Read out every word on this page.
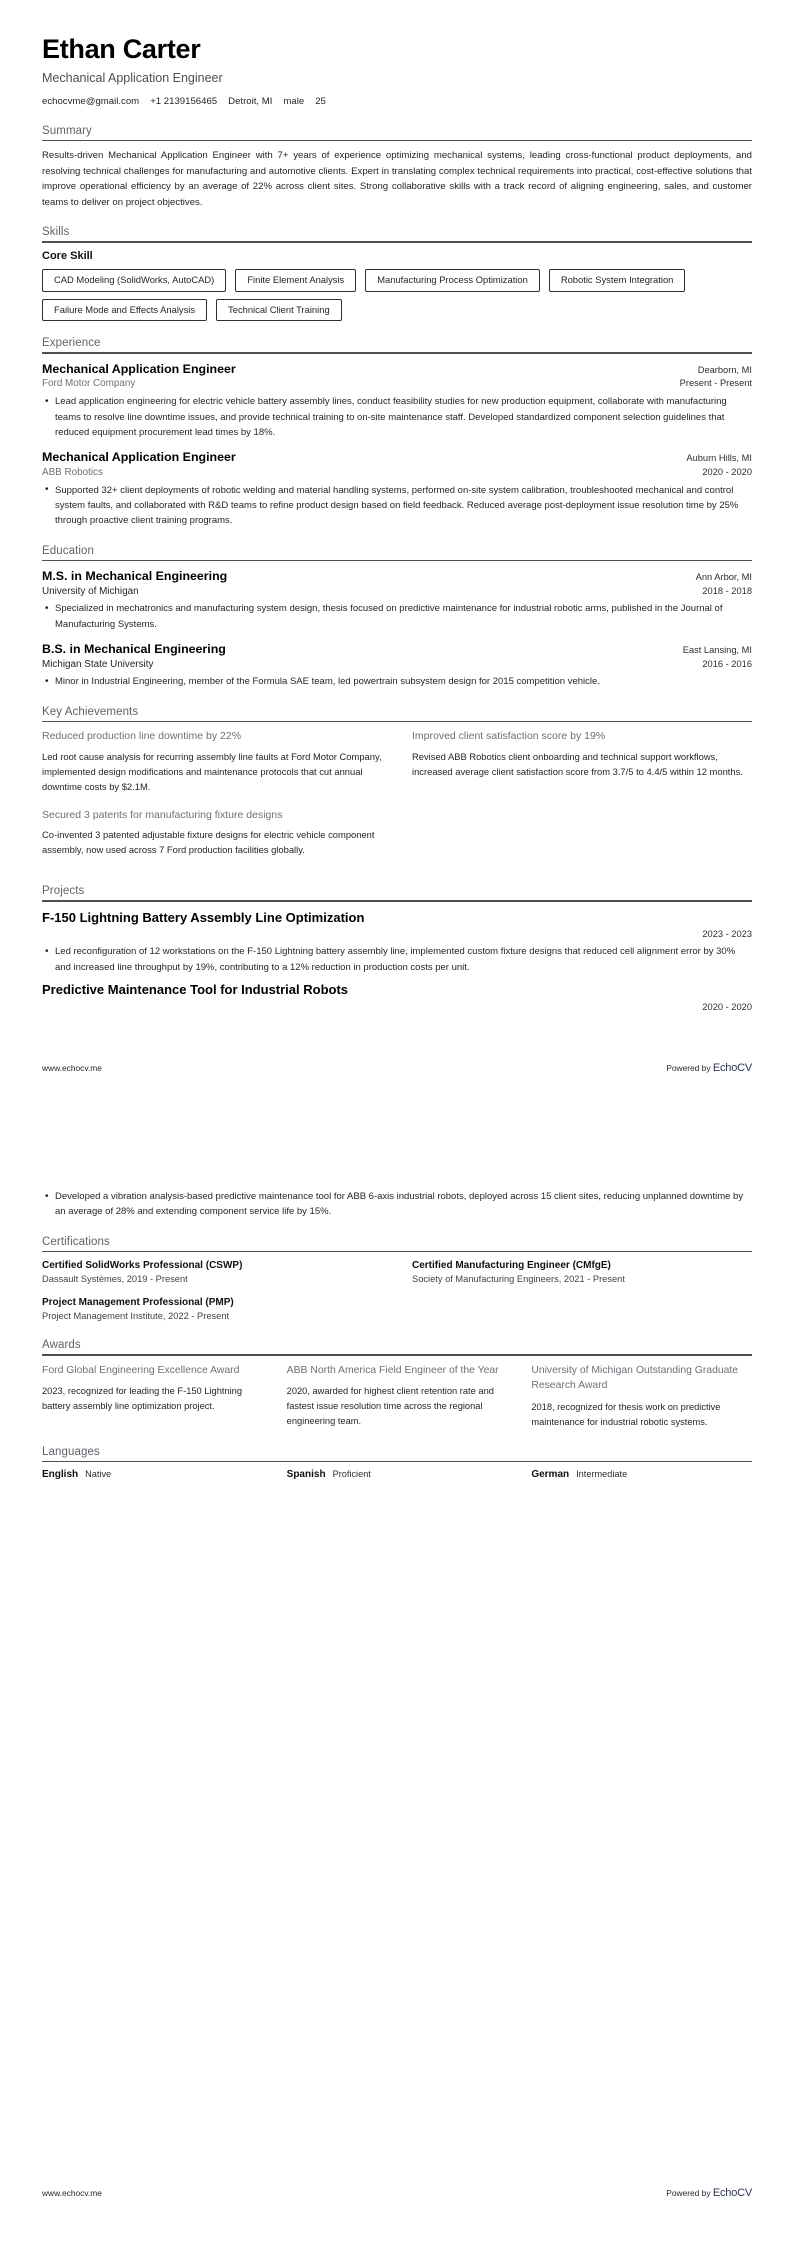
Ethan Carter
Mechanical Application Engineer
echocvme@gmail.com +1 2139156465 Detroit, MI male 25
Summary

Results-driven Mechanical Application Engineer with 7+ years of experience optimizing mechanical systems, leading cross-functional product deployments, and resolving technical challenges for manufacturing and automotive clients. Expert in translating complex technical requirements into practical, cost-effective solutions that improve operational efficiency by an average of 22% across client sites. Strong collaborative skills with a track record of aligning engineering, sales, and customer teams to deliver on project objectives.

Skills
Core Skill
CAD Modeling (SolidWorks, AutoCAD)	Finite Element Analysis	Manufacturing Process Optimization	Robotic System Integration
Failure Mode and Effects Analysis	Technical Client Training
Experience
Mechanical Application Engineer	Dearborn, MI
Ford Motor Company	Present - Present
• Lead application engineering for electric vehicle battery assembly lines, conduct feasibility studies for new production equipment, collaborate with manufacturing teams to resolve line downtime issues, and provide technical training to on-site maintenance staff. Developed standardized component selection guidelines that reduced equipment procurement lead times by 18%.
Mechanical Application Engineer	Auburn Hills, MI
ABB Robotics	2020 - 2020
• Supported 32+ client deployments of robotic welding and material handling systems, performed on-site system calibration, troubleshooted mechanical and control system faults, and collaborated with R&D teams to refine product design based on field feedback. Reduced average post-deployment issue resolution time by 25% through proactive client training programs.
Education
M.S. in Mechanical Engineering	Ann Arbor, MI
University of Michigan	2018 - 2018
• Specialized in mechatronics and manufacturing system design, thesis focused on predictive maintenance for industrial robotic arms, published in the Journal of Manufacturing Systems.
B.S. in Mechanical Engineering	East Lansing, MI
Michigan State University	2016 - 2016
• Minor in Industrial Engineering, member of the Formula SAE team, led powertrain subsystem design for 2015 competition vehicle.
Key Achievements
Reduced production line downtime by 22%
Led root cause analysis for recurring assembly line faults at Ford Motor Company, implemented design modifications and maintenance protocols that cut annual downtime costs by $2.1M.
Improved client satisfaction score by 19%
Revised ABB Robotics client onboarding and technical support workflows, increased average client satisfaction score from 3.7/5 to 4.4/5 within 12 months.
Secured 3 patents for manufacturing fixture designs
Co-invented 3 patented adjustable fixture designs for electric vehicle component assembly, now used across 7 Ford production facilities globally.
Projects
F-150 Lightning Battery Assembly Line Optimization
2023 - 2023
• Led reconfiguration of 12 workstations on the F-150 Lightning battery assembly line, implemented custom fixture designs that reduced cell alignment error by 30% and increased line throughput by 19%, contributing to a 12% reduction in production costs per unit.
Predictive Maintenance Tool for Industrial Robots
2020 - 2020
www.echocv.me	Powered by EchoCV
• Developed a vibration analysis-based predictive maintenance tool for ABB 6-axis industrial robots, deployed across 15 client sites, reducing unplanned downtime by an average of 28% and extending component service life by 15%.
Certifications
Certified SolidWorks Professional (CSWP)
Dassault Systèmes, 2019 - Present
Certified Manufacturing Engineer (CMfgE)
Society of Manufacturing Engineers, 2021 - Present
Project Management Professional (PMP)
Project Management Institute, 2022 - Present
Awards
Ford Global Engineering Excellence Award
2023, recognized for leading the F-150 Lightning battery assembly line optimization project.
ABB North America Field Engineer of the Year
2020, awarded for highest client retention rate and fastest issue resolution time across the regional engineering team.
University of Michigan Outstanding Graduate Research Award
2018, recognized for thesis work on predictive maintenance for industrial robotic systems.
Languages
English Native	Spanish Proficient	German Intermediate
www.echocv.me	Powered by EchoCV
